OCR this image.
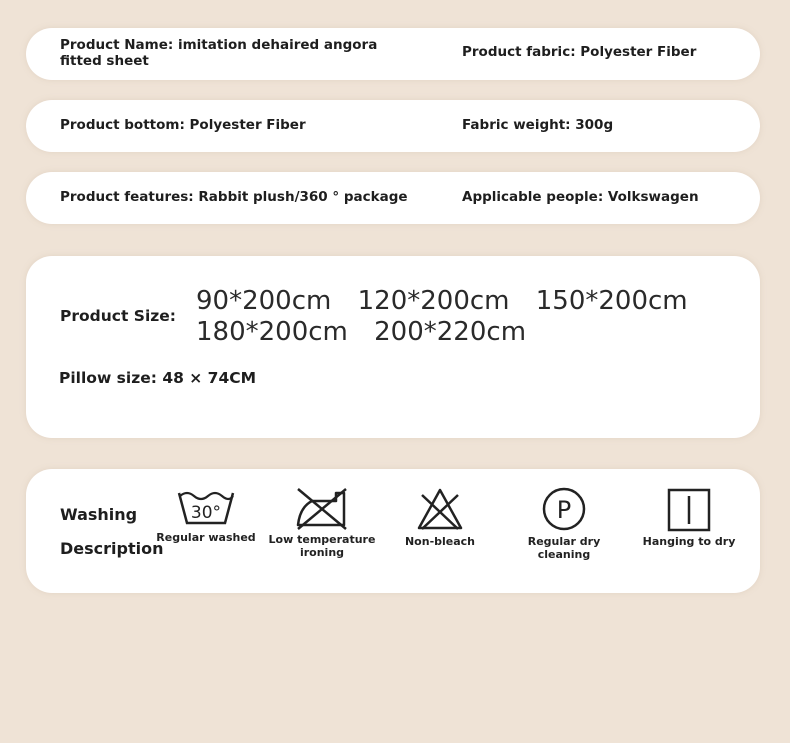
Product Name: imitation dehaired angora fitted sheet
Product fabric: Polyester Fiber
Product bottom: Polyester Fiber	Fabric weight: 300g
Product features: Rabbit plush/360 ° package	Applicable people: Volkswagen
Product Size: 90*200cm 120*200cm 150*200cm 180*200cm 200*220cm
Pillow size: 48 × 74CM
Washing
Description
30°
Regular washed Low temperature ironing
Non-bleach
P
Regular dry cleaning
Hanging to dry
